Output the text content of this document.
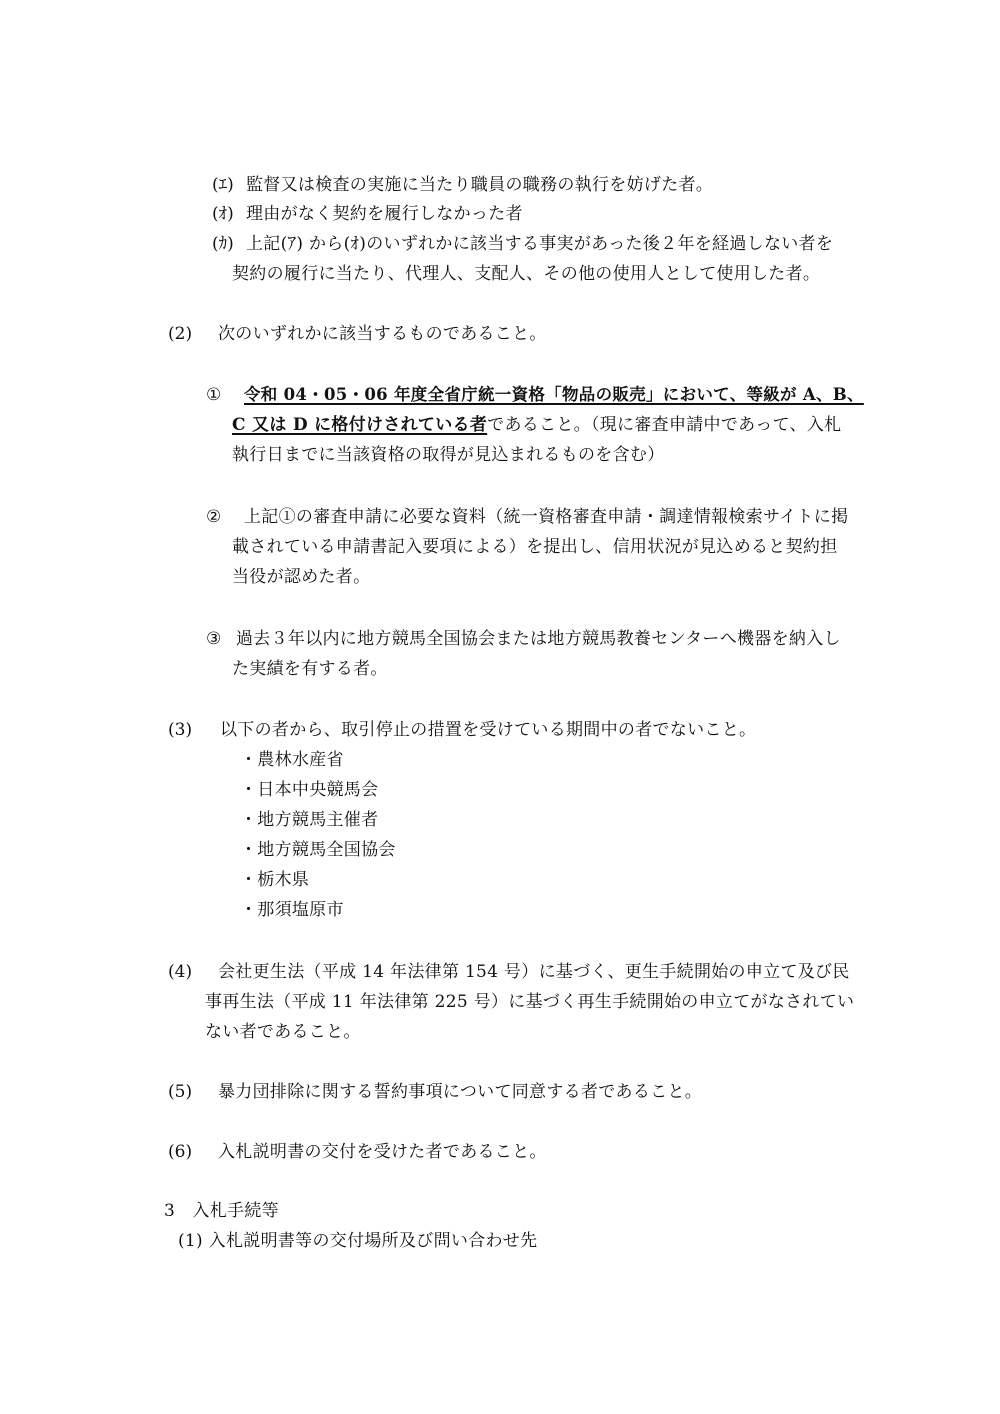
(ｴ) 監督又は検査の実施に当たり職員の職務の執行を妨げた者。
(ｵ) 理由がなく契約を履行しなかった者
(ｶ) 上記(ｱ) から(ｵ)のいずれかに該当する事実があった後２年を経過しない者を
契約の履行に当たり、代理人、支配人、その他の使用人として使用した者。
(2) 次のいずれかに該当するものであること。
① 令和 04・05・06 年度全省庁統一資格「物品の販売」において、等級が A、B、
C 又は D に格付けされている者であること。（現に審査申請中であって、入札
執行日までに当該資格の取得が見込まれるものを含む）
② 上記①の審査申請に必要な資料（統一資格審査申請・調達情報検索サイトに掲
載されている申請書記入要項による）を提出し、信用状況が見込めると契約担
当役が認めた者。
③ 過去３年以内に地方競馬全国協会または地方競馬教養センターへ機器を納入し
た実績を有する者。
(3) 以下の者から、取引停止の措置を受けている期間中の者でないこと。
・農林水産省
・日本中央競馬会
・地方競馬主催者
・地方競馬全国協会
・栃木県
・那須塩原市
(4) 会社更生法（平成 14 年法律第 154 号）に基づく、更生手続開始の申立て及び民
事再生法（平成 11 年法律第 225 号）に基づく再生手続開始の申立てがなされてい
ない者であること。
(5) 暴力団排除に関する誓約事項について同意する者であること。
(6) 入札説明書の交付を受けた者であること。
3　入札手続等
(1) 入札説明書等の交付場所及び問い合わせ先
